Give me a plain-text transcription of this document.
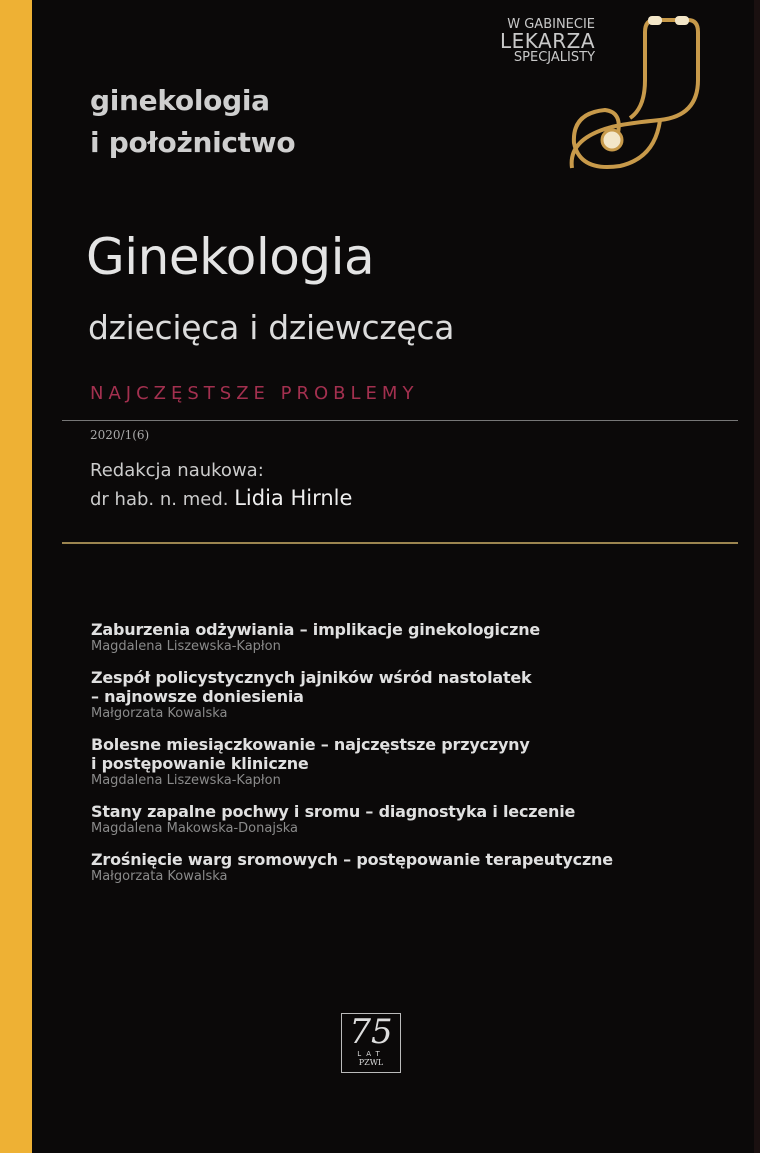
ginekologia
i położnictwo
W GABINECIE
LEKARZA
SPECJALISTY
Ginekologia
dziecięca i dziewczęca
NAJCZĘSTSZE PROBLEMY
2020/1(6)
Redakcja naukowa:
dr hab. n. med. Lidia Hirnle
Zaburzenia odżywiania – implikacje ginekologiczne
Magdalena Liszewska-Kapłon
Zespół policystycznych jajników wśród nastolatek
– najnowsze doniesienia
Małgorzata Kowalska
Bolesne miesiączkowanie – najczęstsze przyczyny
i postępowanie kliniczne
Magdalena Liszewska-Kapłon
Stany zapalne pochwy i sromu – diagnostyka i leczenie
Magdalena Makowska-Donajska
Zrośnięcie warg sromowych – postępowanie terapeutyczne
Małgorzata Kowalska
75
LAT
PZWL
